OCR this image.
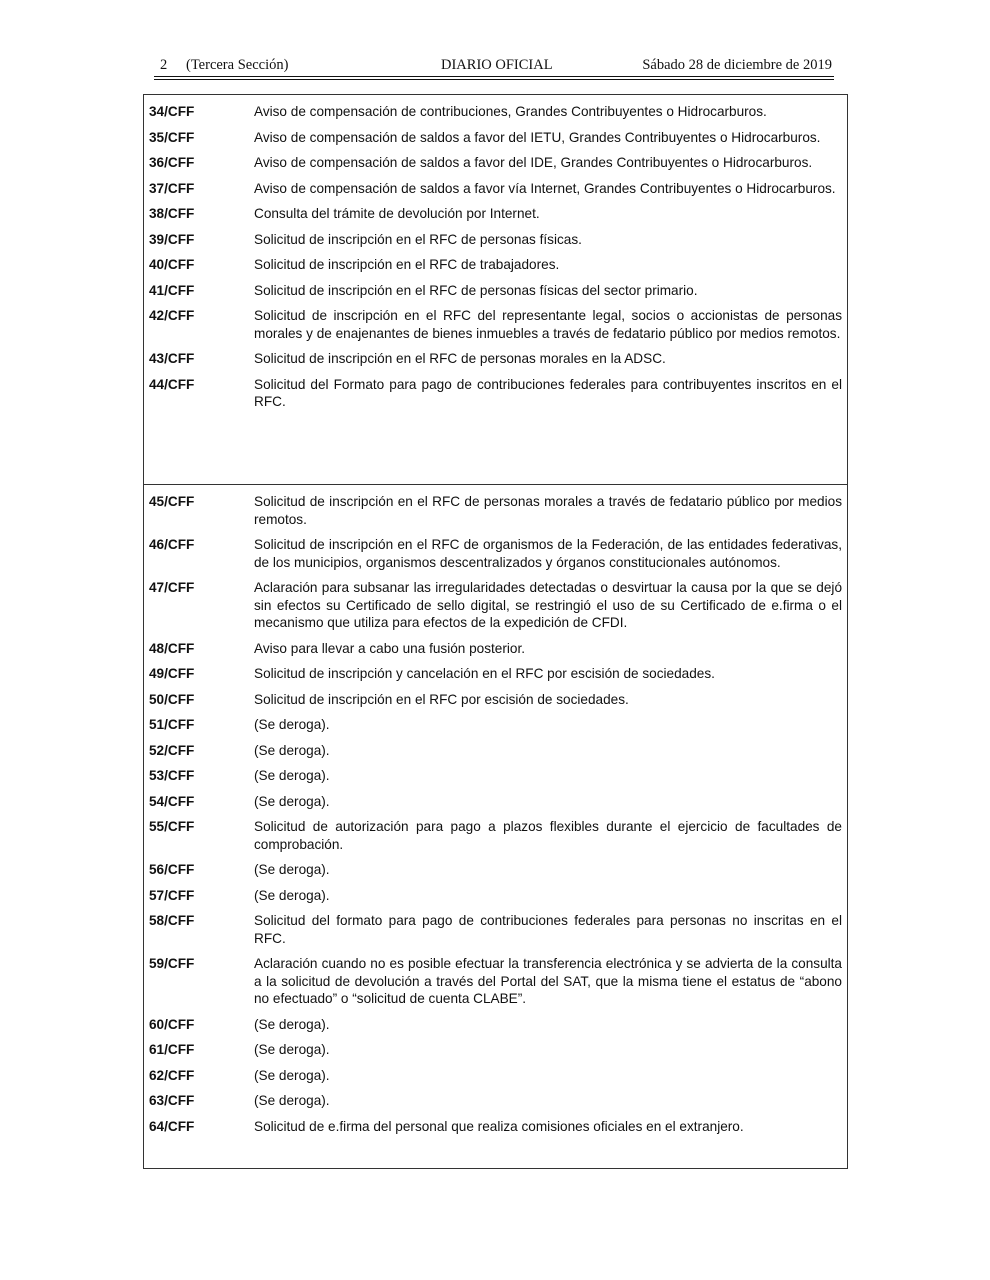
2 (Tercera Sección)	DIARIO OFICIAL	Sábado 28 de diciembre de 2019
34/CFF	Aviso de compensación de contribuciones, Grandes Contribuyentes o Hidrocarburos.
35/CFF	Aviso de compensación de saldos a favor del IETU, Grandes Contribuyentes o Hidrocarburos.
36/CFF	Aviso de compensación de saldos a favor del IDE, Grandes Contribuyentes o Hidrocarburos.
37/CFF	Aviso de compensación de saldos a favor vía Internet, Grandes Contribuyentes o Hidrocarburos.
38/CFF	Consulta del trámite de devolución por Internet.
39/CFF	Solicitud de inscripción en el RFC de personas físicas.
40/CFF	Solicitud de inscripción en el RFC de trabajadores.
41/CFF	Solicitud de inscripción en el RFC de personas físicas del sector primario.
42/CFF	Solicitud de inscripción en el RFC del representante legal, socios o accionistas de personas morales y de enajenantes de bienes inmuebles a través de fedatario público por medios remotos.
43/CFF	Solicitud de inscripción en el RFC de personas morales en la ADSC.
44/CFF	Solicitud del Formato para pago de contribuciones federales para contribuyentes inscritos en el RFC.
45/CFF	Solicitud de inscripción en el RFC de personas morales a través de fedatario público por medios remotos.
46/CFF	Solicitud de inscripción en el RFC de organismos de la Federación, de las entidades federativas, de los municipios, organismos descentralizados y órganos constitucionales autónomos.
47/CFF	Aclaración para subsanar las irregularidades detectadas o desvirtuar la causa por la que se dejó sin efectos su Certificado de sello digital, se restringió el uso de su Certificado de e.firma o el mecanismo que utiliza para efectos de la expedición de CFDI.
48/CFF	Aviso para llevar a cabo una fusión posterior.
49/CFF	Solicitud de inscripción y cancelación en el RFC por escisión de sociedades.
50/CFF	Solicitud de inscripción en el RFC por escisión de sociedades.
51/CFF	(Se deroga).
52/CFF	(Se deroga).
53/CFF	(Se deroga).
54/CFF	(Se deroga).
55/CFF	Solicitud de autorización para pago a plazos flexibles durante el ejercicio de facultades de comprobación.
56/CFF	(Se deroga).
57/CFF	(Se deroga).
58/CFF	Solicitud del formato para pago de contribuciones federales para personas no inscritas en el RFC.
59/CFF	Aclaración cuando no es posible efectuar la transferencia electrónica y se advierta de la consulta a la solicitud de devolución a través del Portal del SAT, que la misma tiene el estatus de “abono no efectuado” o “solicitud de cuenta CLABE”.
60/CFF	(Se deroga).
61/CFF	(Se deroga).
62/CFF	(Se deroga).
63/CFF	(Se deroga).
64/CFF	Solicitud de e.firma del personal que realiza comisiones oficiales en el extranjero.
